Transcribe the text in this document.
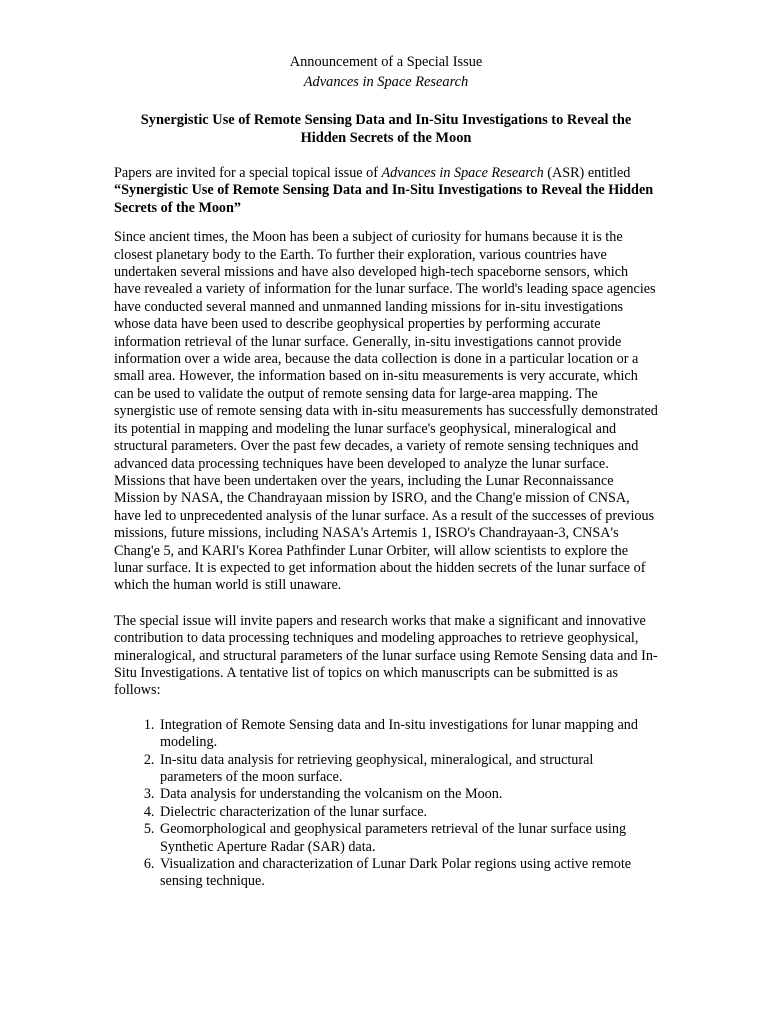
Announcement of a Special Issue
Advances in Space Research
Synergistic Use of Remote Sensing Data and In-Situ Investigations to Reveal the Hidden Secrets of the Moon

Papers are invited for a special topical issue of Advances in Space Research (ASR) entitled “Synergistic Use of Remote Sensing Data and In-Situ Investigations to Reveal the Hidden Secrets of the Moon”

Since ancient times, the Moon has been a subject of curiosity for humans because it is the closest planetary body to the Earth. To further their exploration, various countries have undertaken several missions and have also developed high-tech spaceborne sensors, which have revealed a variety of information for the lunar surface. The world's leading space agencies have conducted several manned and unmanned landing missions for in-situ investigations whose data have been used to describe geophysical properties by performing accurate information retrieval of the lunar surface. Generally, in-situ investigations cannot provide information over a wide area, because the data collection is done in a particular location or a small area. However, the information based on in-situ measurements is very accurate, which can be used to validate the output of remote sensing data for large-area mapping. The synergistic use of remote sensing data with in-situ measurements has successfully demonstrated its potential in mapping and modeling the lunar surface's geophysical, mineralogical and structural parameters. Over the past few decades, a variety of remote sensing techniques and advanced data processing techniques have been developed to analyze the lunar surface. Missions that have been undertaken over the years, including the Lunar Reconnaissance Mission by NASA, the Chandrayaan mission by ISRO, and the Chang'e mission of CNSA, have led to unprecedented analysis of the lunar surface. As a result of the successes of previous missions, future missions, including NASA's Artemis 1, ISRO's Chandrayaan-3, CNSA's Chang'e 5, and KARI's Korea Pathfinder Lunar Orbiter, will allow scientists to explore the lunar surface. It is expected to get information about the hidden secrets of the lunar surface of which the human world is still unaware.

The special issue will invite papers and research works that make a significant and innovative contribution to data processing techniques and modeling approaches to retrieve geophysical, mineralogical, and structural parameters of the lunar surface using Remote Sensing data and In-Situ Investigations. A tentative list of topics on which manuscripts can be submitted is as follows:

1. Integration of Remote Sensing data and In-situ investigations for lunar mapping and modeling.
2. In-situ data analysis for retrieving geophysical, mineralogical, and structural parameters of the moon surface.
3. Data analysis for understanding the volcanism on the Moon.
4. Dielectric characterization of the lunar surface.
5. Geomorphological and geophysical parameters retrieval of the lunar surface using Synthetic Aperture Radar (SAR) data.
6. Visualization and characterization of Lunar Dark Polar regions using active remote sensing technique.
